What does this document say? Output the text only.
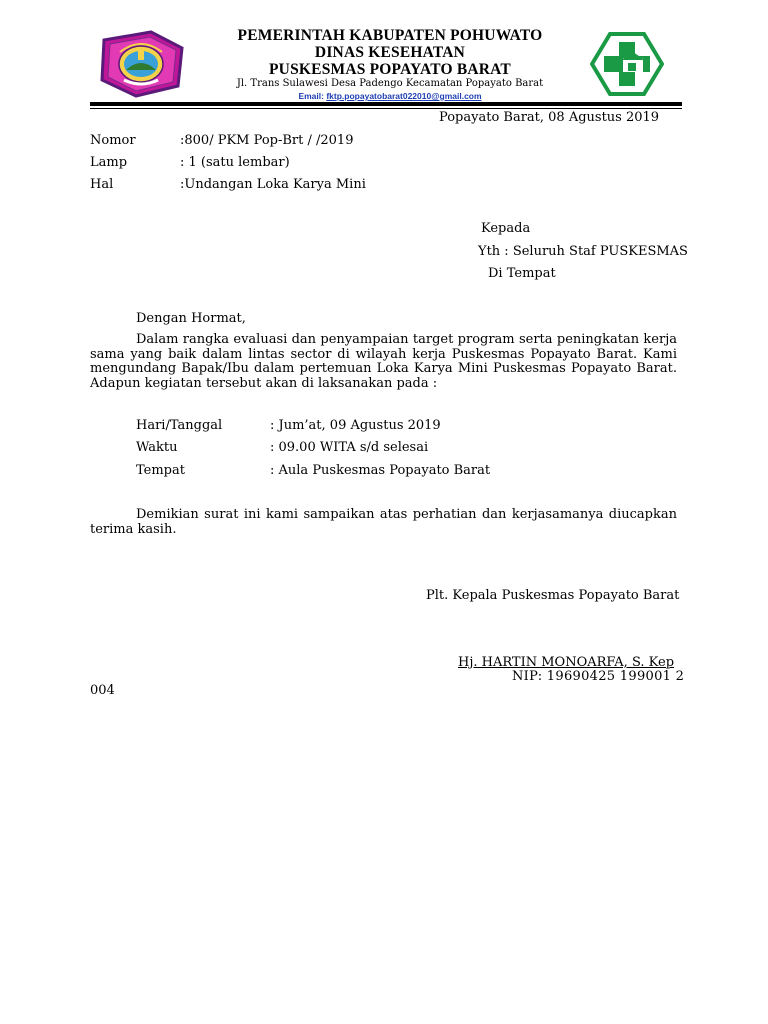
PEMERINTAH KABUPATEN POHUWATO
DINAS KESEHATAN
PUSKESMAS POPAYATO BARAT
Jl. Trans Sulawesi Desa Padengo Kecamatan Popayato Barat
Email: fktp.popayatobarat022010@gmail.com
Popayato Barat, 08 Agustus 2019
Nomor	:800/ PKM Pop-Brt / /2019
Lamp	: 1 (satu lembar)
Hal	:Undangan Loka Karya Mini
Kepada
Yth : Seluruh Staf PUSKESMAS
Di Tempat
Dengan Hormat,
Dalam rangka evaluasi dan penyampaian target program serta peningkatan kerja sama yang baik dalam lintas sector di wilayah kerja Puskesmas Popayato Barat. Kami mengundang Bapak/Ibu dalam pertemuan Loka Karya Mini Puskesmas Popayato Barat. Adapun kegiatan tersebut akan di laksanakan pada :
Hari/Tanggal	: Jum’at, 09 Agustus 2019
Waktu	: 09.00 WITA s/d selesai
Tempat	: Aula Puskesmas Popayato Barat
Demikian surat ini kami sampaikan atas perhatian dan kerjasamanya diucapkan terima kasih.
Plt. Kepala Puskesmas Popayato Barat
Hj. HARTIN MONOARFA, S. Kep
NIP: 19690425 199001 2
004
